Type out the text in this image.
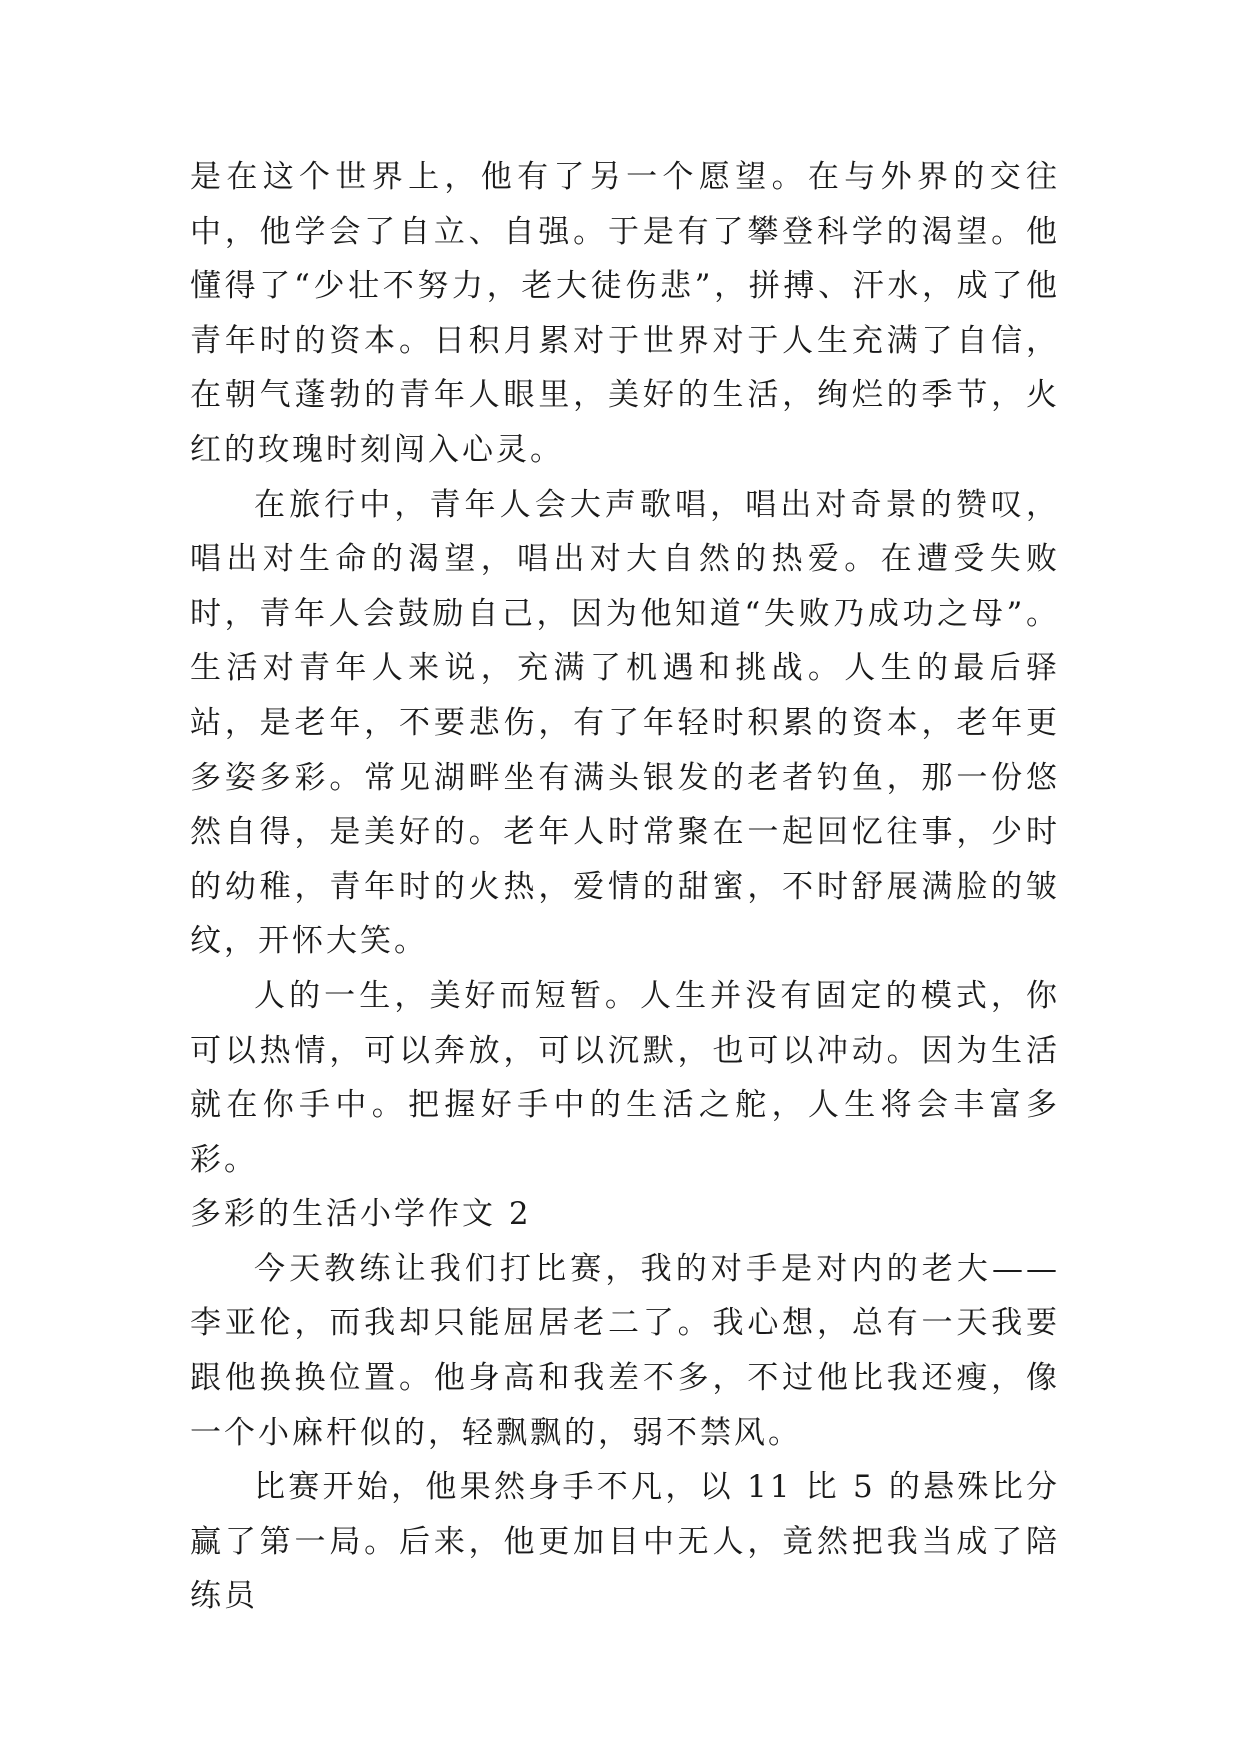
是在这个世界上，他有了另一个愿望。在与外界的交往中，他学会了自立、自强。于是有了攀登科学的渴望。他懂得了“少壮不努力，老大徒伤悲”，拼搏、汗水，成了他青年时的资本。日积月累对于世界对于人生充满了自信，在朝气蓬勃的青年人眼里，美好的生活，绚烂的季节，火红的玫瑰时刻闯入心灵。

在旅行中，青年人会大声歌唱，唱出对奇景的赞叹，唱出对生命的渴望，唱出对大自然的热爱。在遭受失败时，青年人会鼓励自己，因为他知道“失败乃成功之母”。生活对青年人来说，充满了机遇和挑战。人生的最后驿站，是老年，不要悲伤，有了年轻时积累的资本，老年更多姿多彩。常见湖畔坐有满头银发的老者钓鱼，那一份悠然自得，是美好的。老年人时常聚在一起回忆往事，少时的幼稚，青年时的火热，爱情的甜蜜，不时舒展满脸的皱纹，开怀大笑。

人的一生，美好而短暂。人生并没有固定的模式，你可以热情，可以奔放，可以沉默，也可以冲动。因为生活就在你手中。把握好手中的生活之舵，人生将会丰富多彩。

多彩的生活小学作文 2

今天教练让我们打比赛，我的对手是对内的老大——李亚伦，而我却只能屈居老二了。我心想，总有一天我要跟他换换位置。他身高和我差不多，不过他比我还瘦，像一个小麻杆似的，轻飘飘的，弱不禁风。

比赛开始，他果然身手不凡，以 11 比 5 的悬殊比分赢了第一局。后来，他更加目中无人，竟然把我当成了陪练员
